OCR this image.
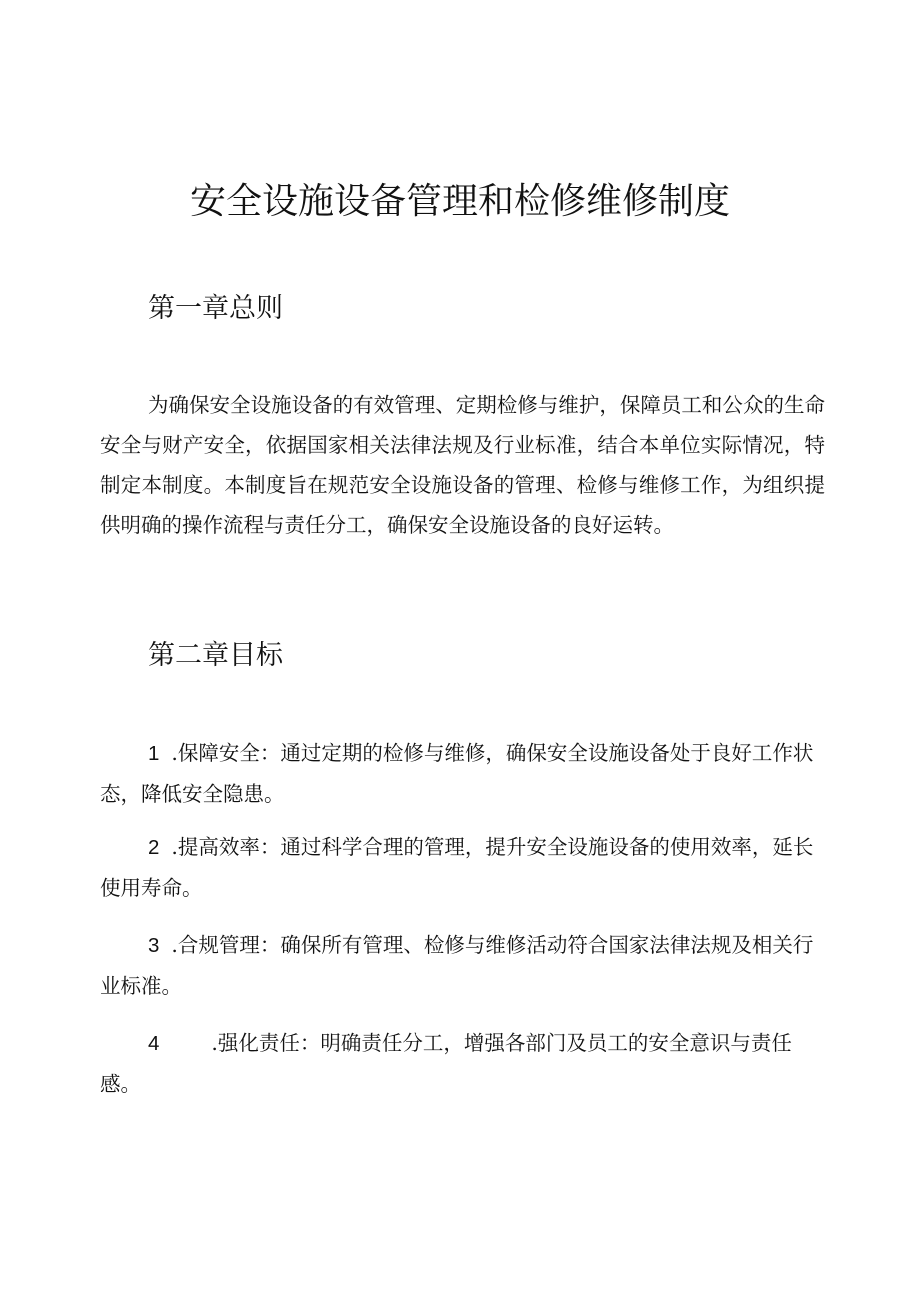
安全设施设备管理和检修维修制度
第一章总则

为确保安全设施设备的有效管理、定期检修与维护，保障员工和公众的生命安全与财产安全，依据国家相关法律法规及行业标准，结合本单位实际情况，特制定本制度。本制度旨在规范安全设施设备的管理、检修与维修工作，为组织提供明确的操作流程与责任分工，确保安全设施设备的良好运转。

第二章目标
1 .保障安全：通过定期的检修与维修，确保安全设施设备处于良好工作状态，降低安全隐患。
2 .提高效率：通过科学合理的管理，提升安全设施设备的使用效率，延长使用寿命。
3 .合规管理：确保所有管理、检修与维修活动符合国家法律法规及相关行业标准。
4	.强化责任：明确责任分工，增强各部门及员工的安全意识与责任感。
